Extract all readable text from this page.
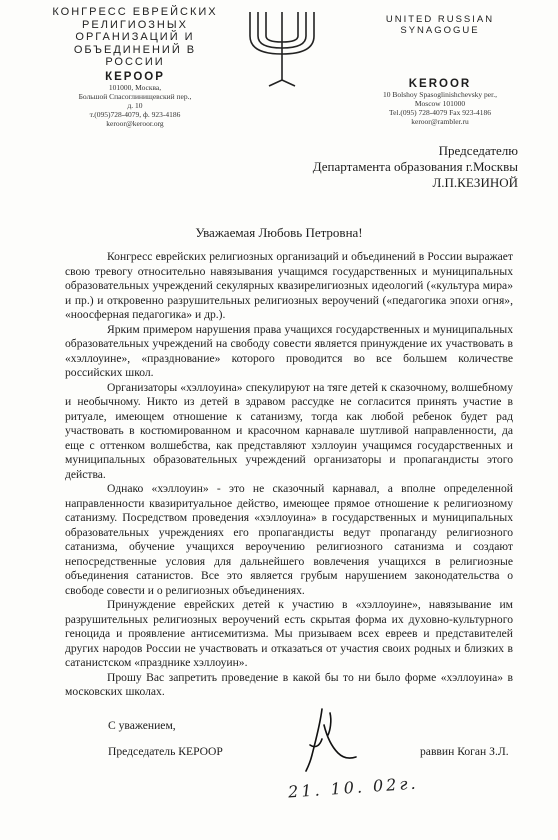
КОНГРЕСС ЕВРЕЙСКИХ
РЕЛИГИОЗНЫХ
ОРГАНИЗАЦИЙ И
ОБЪЕДИНЕНИЙ В
РОССИИ
КЕРООР
101000, Москва,
Большой Спасоглинищевский пер.,
д. 10
т.(095)728-4079, ф. 923-4186
keroor@keroor.org
UNITED RUSSIAN
SYNAGOGUE
KEROOR
10 Bolshoy Spasoglinishchevsky per.,
Moscow 101000
Tel.(095) 728-4079 Fax 923-4186
keroor@rambler.ru
Председателю
Департамента образования г.Москвы
Л.П.КЕЗИНОЙ
Уважаемая Любовь Петровна!

Конгресс еврейских религиозных организаций и объединений в России выражает свою тревогу относительно навязывания учащимся государственных и муниципальных образовательных учреждений секулярных квазирелигиозных идеологий («культура мира» и пр.) и откровенно разрушительных религиозных вероучений («педагогика эпохи огня», «ноосферная педагогика» и др.).

Ярким примером нарушения права учащихся государственных и муниципальных образовательных учреждений на свободу совести является принуждение их участвовать в «хэллоуине», «празднование» которого проводится во все большем количестве российских школ.

Организаторы «хэллоуина» спекулируют на тяге детей к сказочному, волшебному и необычному. Никто из детей в здравом рассудке не согласится принять участие в ритуале, имеющем отношение к сатанизму, тогда как любой ребенок будет рад участвовать в костюмированном и красочном карнавале шутливой направленности, да еще с оттенком волшебства, как представляют хэллоуин учащимся государственных и муниципальных образовательных учреждений организаторы и пропагандисты этого действа.

Однако «хэллоуин» - это не сказочный карнавал, а вполне определенной направленности квазиритуальное действо, имеющее прямое отношение к религиозному сатанизму. Посредством проведения «хэллоуина» в государственных и муниципальных образовательных учреждениях его пропагандисты ведут пропаганду религиозного сатанизма, обучение учащихся вероучению религиозного сатанизма и создают непосредственные условия для дальнейшего вовлечения учащихся в религиозные объединения сатанистов. Все это является грубым нарушением законодательства о свободе совести и о религиозных объединениях.

Принуждение еврейских детей к участию в «хэллоуине», навязывание им разрушительных религиозных вероучений есть скрытая форма их духовно-культурного геноцида и проявление антисемитизма. Мы призываем всех евреев и представителей других народов России не участвовать и отказаться от участия своих родных и близких в сатанистском «празднике хэллоуин».

Прошу Вас запретить проведение в какой бы то ни было форме «хэллоуина» в московских школах.

С уважением,
Председатель КЕРООР	раввин Коган З.Л.
21. 10. 02г.
